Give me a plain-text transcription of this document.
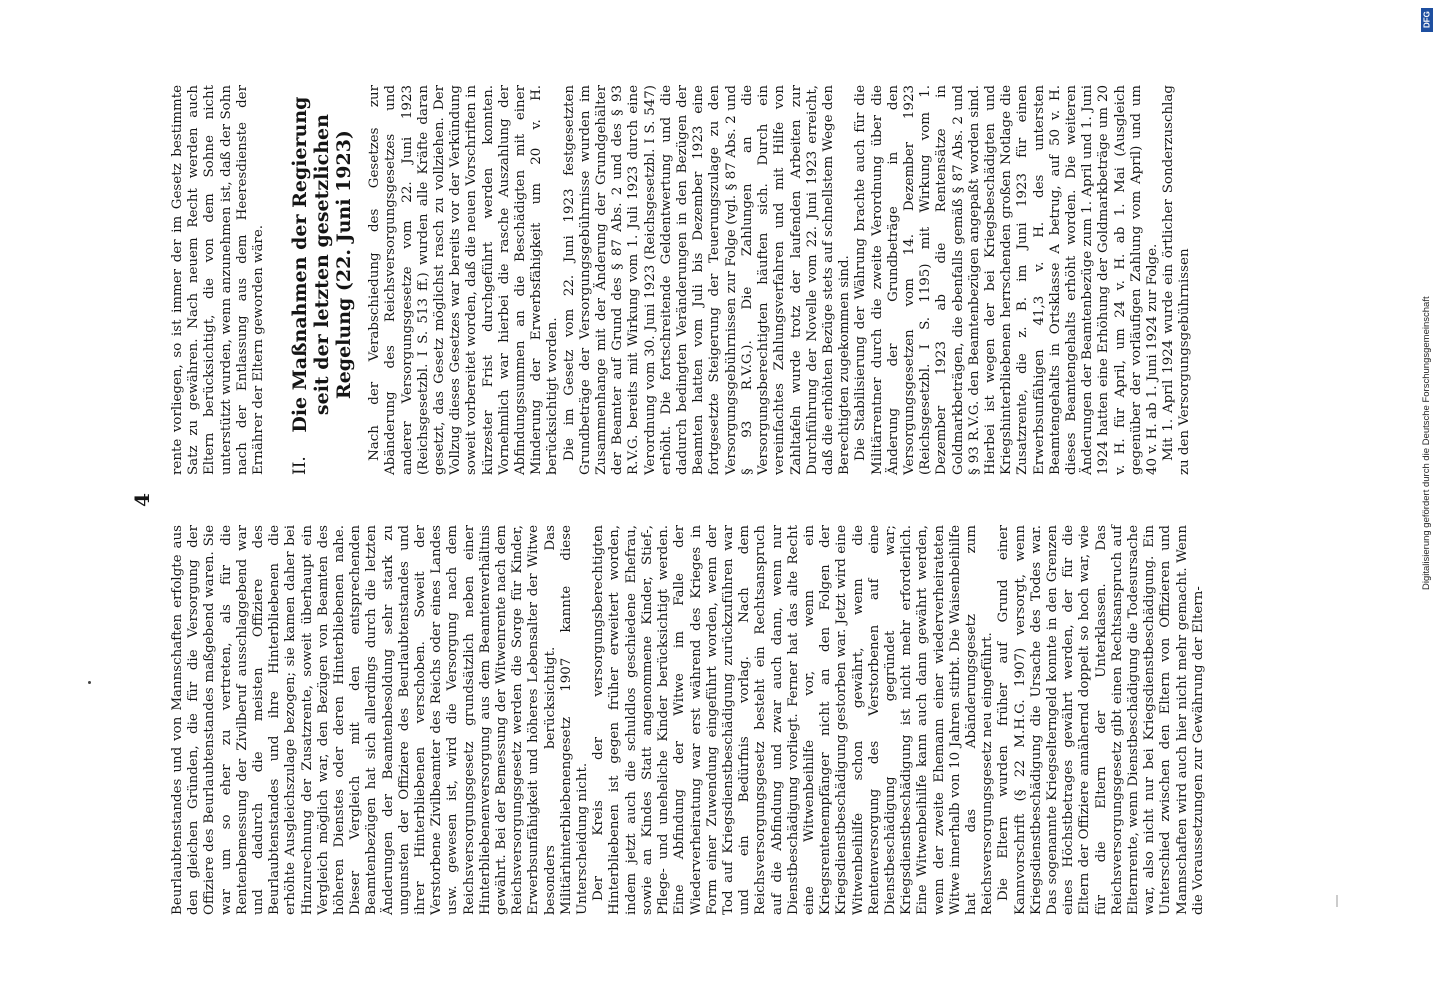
4

Beurlaubtenstandes und von Mannschaften erfolgte aus den gleichen Gründen, die für die Versorgung der Offiziere des Beurlaubtenstandes maßgebend waren. Sie war um so eher zu vertreten, als für die Rentenbemessung der Zivilberuf ausschlaggebend war und dadurch die meisten Offiziere des Beurlaubtenstandes und ihre Hinterbliebenen die erhöhte Ausgleichszulage bezogen; sie kamen daher bei Hinzurechnung der Zusatzrente, soweit überhaupt ein Vergleich möglich war, den Bezügen von Beamten des höheren Dienstes oder deren Hinterbliebenen nahe. Dieser Vergleich mit den entsprechenden Beamtenbezügen hat sich allerdings durch die letzten Änderungen der Beamtenbesoldung sehr stark zu ungunsten der Offiziere des Beurlaubtenstandes und ihrer Hinterbliebenen verschoben. Soweit der Verstorbene Zivilbeamter des Reichs oder eines Landes usw. gewesen ist, wird die Versorgung nach dem Reichsversorgungsgesetz grundsätzlich neben einer Hinterbliebenenversorgung aus dem Beamtenverhältnis gewährt. Bei der Bemessung der Witwenrente nach dem Reichsversorgungsgesetz werden die Sorge für Kinder, Erwerbsunfähigkeit und höheres Lebensalter der Witwe besonders berücksichtigt. Das Militärhinterbliebenengesetz 1907 kannte diese Unterscheidung nicht. Der Kreis der versorgungsberechtigten Hinterbliebenen ist gegen früher erweitert worden, indem jetzt auch die schuldlos geschiedene Ehefrau, sowie an Kindes Statt angenommene Kinder, Stief-, Pflege- und uneheliche Kinder berücksichtigt werden. Eine Abfindung der Witwe im Falle der Wiederverheiratung war erst während des Krieges in Form einer Zuwendung eingeführt worden, wenn der Tod auf Kriegsdienstbeschädigung zurückzuführen war und ein Bedürfnis vorlag. Nach dem Reichsversorgungsgesetz besteht ein Rechtsanspruch auf die Abfindung und zwar auch dann, wenn nur Dienstbeschädigung vorliegt. Ferner hat das alte Recht eine Witwenbeihilfe vor, wenn ein Kriegsrentenempfänger nicht an den Folgen der Kriegsdienstbeschädigung gestorben war. Jetzt wird eine Witwenbeihilfe schon gewährt, wenn die Rentenversorgung des Verstorbenen auf eine Dienstbeschädigung gegründet war; Kriegsdienstbeschädigung ist nicht mehr erforderlich. Eine Witwenbeihilfe kann auch dann gewährt werden, wenn der zweite Ehemann einer wiederverheirateten Witwe innerhalb von 10 Jahren stirbt. Die Waisenbeihilfe hat das Abänderungsgesetz zum Reichsversorgungsgesetz neu eingeführt. Die Eltern wurden früher auf Grund einer Kannvorschrift (§ 22 M.H.G. 1907) versorgt, wenn Kriegsdienstbeschädigung die Ursache des Todes war. Das sogenannte Kriegselterngeld konnte in den Grenzen eines Höchstbetrages gewährt werden, der für die Eltern der Offiziere annähernd doppelt so hoch war, wie für die Eltern der Unterklassen. Das Reichsversorgungsgesetz gibt einen Rechtsanspruch auf Elternrente, wenn Dienstbeschädigung die Todesursache war, also nicht nur bei Kriegsdienstbeschädigung. Ein Unterschied zwischen den Eltern von Offizieren und Mannschaften wird auch hier nicht mehr gemacht. Wenn die Voraussetzungen zur Gewährung der Eltern-

rente vorliegen, so ist immer der im Gesetz bestimmte Satz zu gewähren. Nach neuem Recht werden auch Eltern berücksichtigt, die von dem Sohne nicht unterstützt wurden, wenn anzunehmen ist, daß der Sohn nach der Entlassung aus dem Heeresdienste der Ernährer der Eltern geworden wäre. II.
Die Maßnahmen der Regierung seit der letzten gesetzlichen Regelung (22. Juni 1923) Nach der Verabschiedung des Gesetzes zur Abänderung des Reichsversorgungsgesetzes und anderer Versorgungsgesetze vom 22. Juni 1923 (Reichsgesetzbl. I S. 513 ff.) wurden alle Kräfte daran gesetzt, das Gesetz möglichst rasch zu vollziehen. Der Vollzug dieses Gesetzes war bereits vor der Verkündung soweit vorbereitet worden, daß die neuen Vorschriften in kürzester Frist durchgeführt werden konnten. Vornehmlich war hierbei die rasche Auszahlung der Abfindungssummen an die Beschädigten mit einer Minderung der Erwerbsfähigkeit um 20 v. H. berücksichtigt worden. Die im Gesetz vom 22. Juni 1923 festgesetzten Grundbeträge der Versorgungsgebührnisse wurden im Zusammenhange mit der Änderung der Grundgehälter der Beamter auf Grund des § 87 Abs. 2 und des § 93 R.V.G. bereits mit Wirkung vom 1. Juli 1923 durch eine Verordnung vom 30. Juni 1923 (Reichsgesetzbl. I S. 547) erhöht. Die fortschreitende Geldentwertung und die dadurch bedingten Veränderungen in den Bezügen der Beamten hatten vom Juli bis Dezember 1923 eine fortgesetzte Steigerung der Teuerungszulage zu den Versorgungsgebührnissen zur Folge (vgl. § 87 Abs. 2 und § 93 R.V.G.). Die Zahlungen an die Versorgungsberechtigten häuften sich. Durch ein vereinfachtes Zahlungsverfahren und mit Hilfe von Zahltafeln wurde trotz der laufenden Arbeiten zur Durchführung der Novelle vom 22. Juni 1923 erreicht, daß die erhöhten Bezüge stets auf schnellstem Wege den Berechtigten zugekommen sind. Die Stabilisierung der Währung brachte auch für die Militärrentner durch die zweite Verordnung über die Änderung der Grundbeträge in den Versorgungsgesetzen vom 14. Dezember 1923 (Reichsgesetzbl. I S. 1195) mit Wirkung vom 1. Dezember 1923 ab die Rentensätze in Goldmarkbeträgen, die ebenfalls gemäß § 87 Abs. 2 und § 93 R.V.G. den Beamtenbezügen angepaßt worden sind. Hierbei ist wegen der bei Kriegsbeschädigten und Kriegshinterbliebenen herrschenden großen Notlage die Zusatzrente, die z. B. im Juni 1923 für einen Erwerbsunfähigen 41,3 v. H. des untersten Beamtengehalts in Ortsklasse A betrug, auf 50 v. H. dieses Beamtengehalts erhöht worden. Die weiteren Änderungen der Beamtenbezüge zum 1. April und 1. Juni 1924 hatten eine Erhöhung der Goldmarkbeträge um 20 v. H. für April, um 24 v. H. ab 1. Mai (Ausgleich gegenüber der vorläufigen Zahlung vom April) und um 40 v. H. ab 1. Juni 1924 zur Folge. Mit 1. April 1924 wurde ein örtlicher Sonderzuschlag zu den Versorgungsgebührnissen

DFG
Digitalisierung gefördert durch die Deutsche Forschungsgemeinschaft
